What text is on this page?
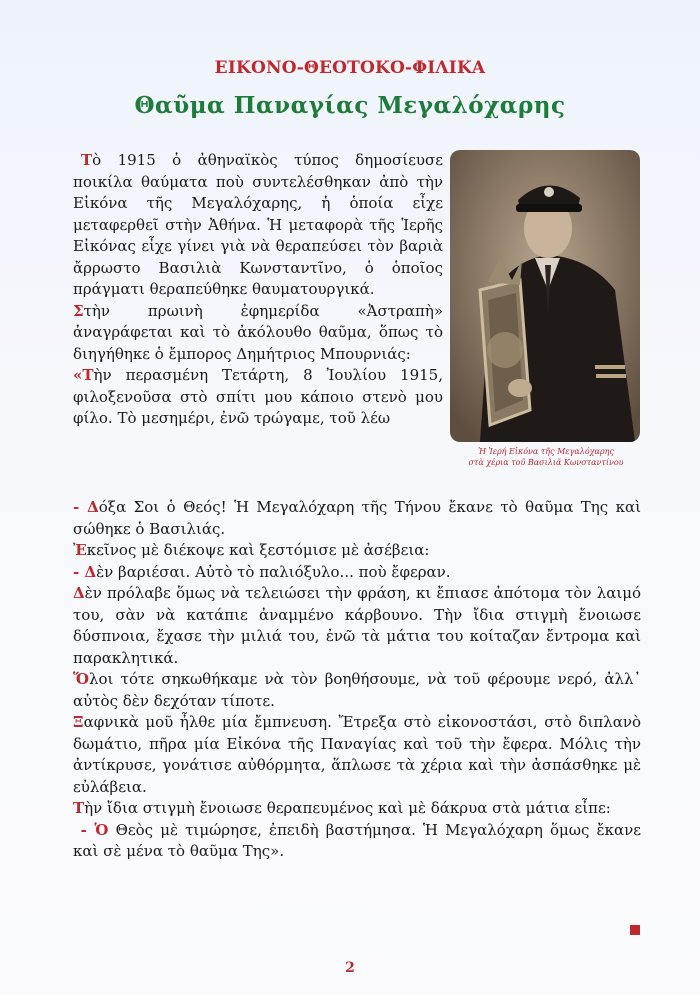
ΕΙΚΟΝΟ-ΘΕΟΤΟΚΟ-ΦΙΛΙΚΑ
Θαῦμα Παναγίας Μεγαλόχαρης

Τὸ 1915 ὁ ἀθηναϊκὸς τύπος δημοσίευσε ποικίλα θαύματα ποὺ συντελέσθηκαν ἀπὸ τὴν Εἰκόνα τῆς Μεγαλόχαρης, ἡ ὁποία εἶχε μεταφερθεῖ στὴν Ἀθήνα. Ἡ μεταφορὰ τῆς Ἱερῆς Εἰκόνας εἶχε γίνει γιὰ νὰ θεραπεύσει τὸν βαριὰ ἄρρωστο Βασιλιὰ Κωνσταντῖνο, ὁ ὁποῖος πράγματι θεραπεύθηκε θαυματουργικά.

Στὴν πρωινὴ ἐφημερίδα «Ἀστραπὴ» ἀναγράφεται καὶ τὸ ἀκόλουθο θαῦμα, ὅπως τὸ διηγήθηκε ὁ ἔμπορος Δημήτριος Μπουρνιάς:

«Τὴν περασμένη Τετάρτη, 8 Ἰουλίου 1915, φιλοξενοῦσα στὸ σπίτι μου κάποιο στενὸ μου φίλο. Τὸ μεσημέρι, ἐνῶ τρώγαμε, τοῦ λέω

Ἡ Ἱερή Εἰκόνα τῆς Μεγαλόχαρης
στὰ χέρια τοῦ Βασιλιᾶ Κωνσταντίνου

- Δόξα Σοι ὁ Θεός! Ἡ Μεγαλόχαρη τῆς Τήνου ἔκανε τὸ θαῦμα Της καὶ σώθηκε ὁ Βασιλιάς.

Ἐκεῖνος μὲ διέκοψε καὶ ξεστόμισε μὲ ἀσέβεια:

- Δὲν βαριέσαι. Αὐτὸ τὸ παλιόξυλο... ποὺ ἔφεραν.

Δὲν πρόλαβε ὅμως νὰ τελειώσει τὴν φράση, κι ἔπιασε ἀπότομα τὸν λαιμό του, σὰν νὰ κατάπιε ἀναμμένο κάρβουνο. Τὴν ἴδια στιγμὴ ἔνοιωσε δύσπνοια, ἔχασε τὴν μιλιά του, ἐνῶ τὰ μάτια του κοίταζαν ἔντρομα καὶ παρακλητικά.

Ὅλοι τότε σηκωθήκαμε νὰ τὸν βοηθήσουμε, νὰ τοῦ φέρουμε νερό, ἀλλ᾿ αὐτὸς δὲν δεχόταν τίποτε.

Ξαφνικὰ μοῦ ἦλθε μία ἔμπνευση. Ἔτρεξα στὸ εἰκονοστάσι, στὸ διπλανὸ δωμάτιο, πῆρα μία Εἰκόνα τῆς Παναγίας καὶ τοῦ τὴν ἔφερα. Μόλις τὴν ἀντίκρυσε, γονάτισε αὐθόρμητα, ἅπλωσε τὰ χέρια καὶ τὴν ἀσπάσθηκε μὲ εὐλάβεια.

Τὴν ἴδια στιγμὴ ἔνοιωσε θεραπευμένος καὶ μὲ δάκρυα στὰ μάτια εἶπε:

- Ὁ Θεὸς μὲ τιμώρησε, ἐπειδὴ βαστήμησα. Ἡ Μεγαλόχαρη ὅμως ἔκανε καὶ σὲ μένα τὸ θαῦμα Της».

2
